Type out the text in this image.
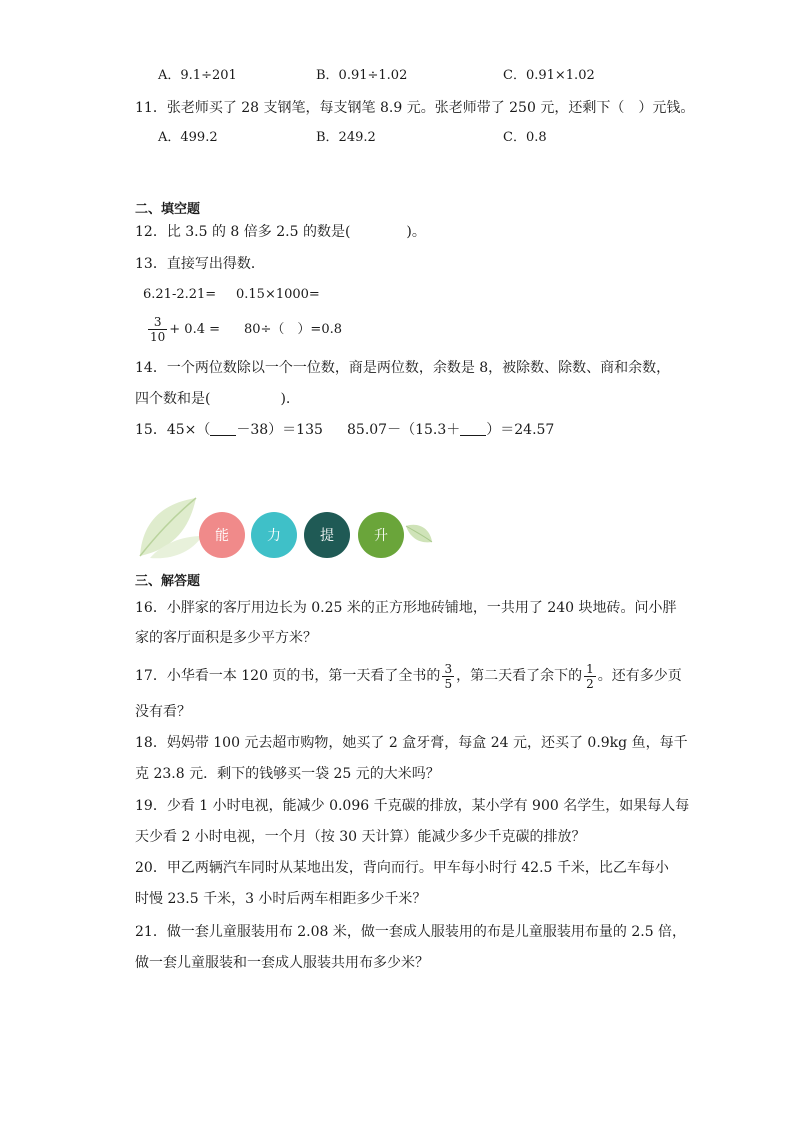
A．9.1÷201	B．0.91÷1.02	C．0.91×1.02
11．张老师买了 28 支钢笔，每支钢笔 8.9 元。张老师带了 250 元，还剩下（　）元钱。
A．499.2	B．249.2	C．0.8
二、填空题
12．比 3.5 的 8 倍多 2.5 的数是(　　　　)。
13．直接写出得数．
6.21-2.21= 0.15×1000=
$\frac{3}{10} + 0.4 = 80\div$（　）=0.8
14．一个两位数除以一个一位数，商是两位数，余数是 8，被除数、除数、商和余数，
四个数和是(　　　　　).
15．45×（ －38）＝135 85.07－（15.3＋ ）＝24.57
能	力	提	升
三、解答题
16．小胖家的客厅用边长为 0.25 米的正方形地砖铺地，一共用了 240 块地砖。问小胖
家的客厅面积是多少平方米？
17．小华看一本 120 页的书，第一天看了全书的 $\frac{3}{5}$ ，第二天看了余下的 $\frac{1}{2}$ 。还有多少页
没有看？
18．妈妈带 100 元去超市购物，她买了 2 盒牙膏，每盒 24 元，还买了 0.9kg 鱼，每千
克 23.8 元．剩下的钱够买一袋 25 元的大米吗？
19．少看 1 小时电视，能减少 0.096 千克碳的排放，某小学有 900 名学生，如果每人每
天少看 2 小时电视，一个月（按 30 天计算）能减少多少千克碳的排放？
20．甲乙两辆汽车同时从某地出发，背向而行。甲车每小时行 42.5 千米，比乙车每小
时慢 23.5 千米，3 小时后两车相距多少千米？
21．做一套儿童服装用布 2.08 米，做一套成人服装用的布是儿童服装用布量的 2.5 倍，
做一套儿童服装和一套成人服装共用布多少米？
